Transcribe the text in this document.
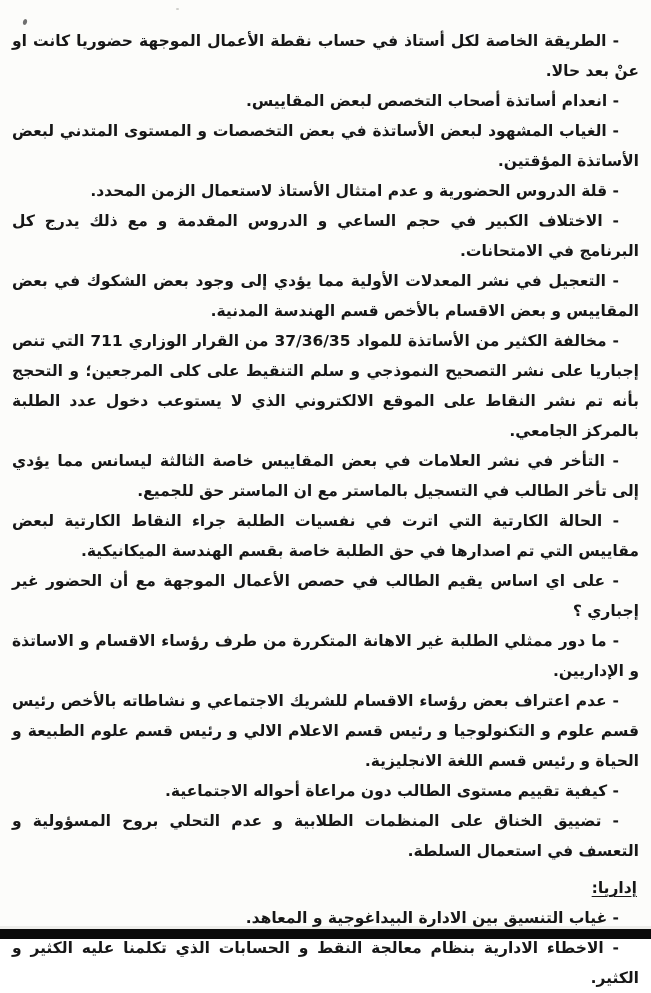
- الطريقة الخاصة لكل أستاذ في حساب نقطة الأعمال الموجهة حضوريا كانت او عنْ بعد حالا.

- انعدام أساتذة أصحاب التخصص لبعض المقاييس.

- الغياب المشهود لبعض الأساتذة في بعض التخصصات و المستوى المتدني لبعض الأساتذة المؤقتين.

- قلة الدروس الحضورية و عدم امتثال الأستاذ لاستعمال الزمن المحدد.

- الاختلاف الكبير في حجم الساعي و الدروس المقدمة و مع ذلك يدرج كل البرنامج في الامتحانات.

- التعجيل في نشر المعدلات الأولية مما يؤدي إلى وجود بعض الشكوك في بعض المقاييس و بعض الاقسام بالأخص قسم الهندسة المدنية.

- مخالفة الكثير من الأساتذة للمواد 37/36/35 من القرار الوزاري 711 التي تنص إجباريا على نشر التصحيح النموذجي و سلم التنقيط على كلى المرجعين؛ و التحجج بأنه تم نشر النقاط على الموقع الالكتروني الذي لا يستوعب دخول عدد الطلبة بالمركز الجامعي.

- التأخر في نشر العلامات في بعض المقاييس خاصة الثالثة ليسانس مما يؤدي إلى تأخر الطالب في التسجيل بالماستر مع ان الماستر حق للجميع.

- الحالة الكارتية التي اترت في نفسيات الطلبة جراء النقاط الكارتية لبعض مقاييس التي تم اصدارها في حق الطلبة خاصة بقسم الهندسة الميكانيكية.

- على اي اساس يقيم الطالب في حصص الأعمال الموجهة مع أن الحضور غير إجباري ؟

- ما دور ممثلي الطلبة غير الاهانة المتكررة من طرف رؤساء الاقسام و الاساتذة و الإداريين.

- عدم اعتراف بعض رؤساء الاقسام للشريك الاجتماعي و نشاطاته بالأخص رئيس قسم علوم و التكنولوجيا و رئيس قسم الاعلام الالي و رئيس قسم علوم الطبيعة و الحياة و رئيس قسم اللغة الانجليزية.

- كيفية تقييم مستوى الطالب دون مراعاة أحواله الاجتماعية.

- تضييق الخناق على المنظمات الطلابية و عدم التحلي بروح المسؤولية و التعسف في استعمال السلطة.

إداريا:

- غياب التنسيق بين الادارة البيداغوجية و المعاهد.

- الاخطاء الادارية بنظام معالجة النقط و الحسابات الذي تكلمنا عليه الكثير و الكثير.
